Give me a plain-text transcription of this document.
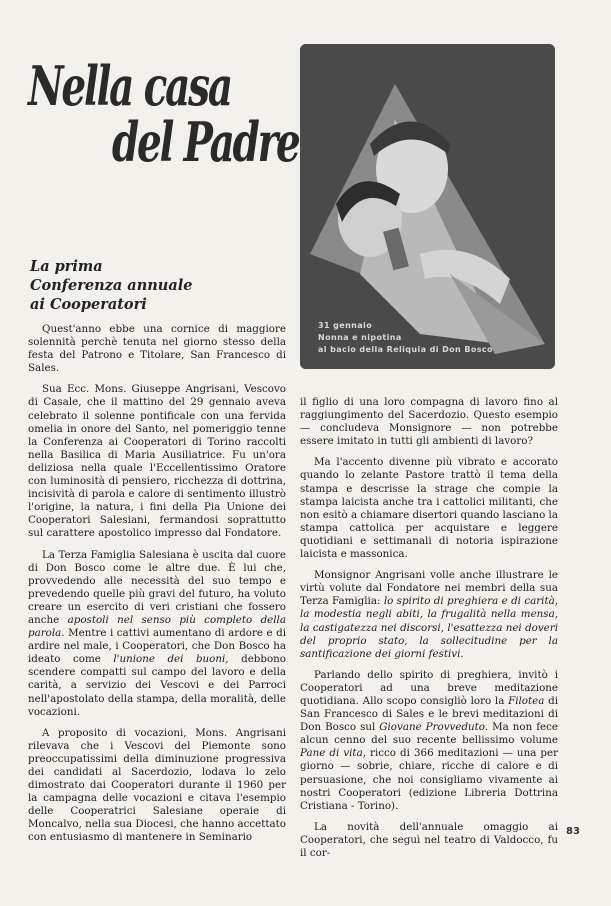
Nella casa
del Padre
31 gennaio
Nonna e nipotina
al bacio della Reliquia di Don Bosco
La prima
Conferenza annuale
ai Cooperatori

Quest'anno ebbe una cornice di maggiore solennità perchè tenuta nel giorno stesso della festa del Patrono e Titolare, San Francesco di Sales.

Sua Ecc. Mons. Giuseppe Angrisani, Vescovo di Casale, che il mattino del 29 gennaio aveva celebrato il solenne pontificale con una fervida omelia in onore del Santo, nel pomeriggio tenne la Conferenza ai Cooperatori di Torino raccolti nella Basilica di Maria Ausiliatrice. Fu un'ora deliziosa nella quale l'Eccellentissimo Oratore con luminosità di pensiero, ricchezza di dottrina, incisività di parola e calore di sentimento illustrò l'origine, la natura, i fini della Pia Unione dei Cooperatori Salesiani, fermandosi soprattutto sul carattere apostolico impresso dal Fondatore.

La Terza Famiglia Salesiana è uscita dal cuore di Don Bosco come le altre due. È lui che, provvedendo alle necessità del suo tempo e prevedendo quelle più gravi del futuro, ha voluto creare un esercito di veri cristiani che fossero anche apostoli nel senso più completo della parola. Mentre i cattivi aumentano di ardore e di ardire nel male, i Cooperatori, che Don Bosco ha ideato come l'unione dei buoni, debbono scendere compatti sul campo del lavoro e della carità, a servizio dei Vescovi e dei Parroci nell'apostolato della stampa, della moralità, delle vocazioni.

A proposito di vocazioni, Mons. Angrisani rilevava che i Vescovi del Piemonte sono preoccupatissimi della diminuzione progressiva dei candidati al Sacerdozio, lodava lo zelo dimostrato dai Cooperatori durante il 1960 per la campagna delle vocazioni e citava l'esempio delle Cooperatrici Salesiane operaie di Moncalvo, nella sua Diocesi, che hanno accettato con entusiasmo di mantenere in Seminario

il figlio di una loro compagna di lavoro fino al raggiungimento del Sacerdozio. Questo esempio — concludeva Monsignore — non potrebbe essere imitato in tutti gli ambienti di lavoro?

Ma l'accento divenne più vibrato e accorato quando lo zelante Pastore trattò il tema della stampa e descrisse la strage che compie la stampa laicista anche tra i cattolici militanti, che non esitò a chiamare disertori quando lasciano la stampa cattolica per acquistare e leggere quotidiani e settimanali di notoria ispirazione laicista e massonica.

Monsignor Angrisani volle anche illustrare le virtù volute dal Fondatore nei membri della sua Terza Famiglia: lo spirito di preghiera e di carità, la modestia negli abiti, la frugalità nella mensa, la castigatezza nei discorsi, l'esattezza nei doveri del proprio stato, la sollecitudine per la santificazione dei giorni festivi.

Parlando dello spirito di preghiera, invitò i Cooperatori ad una breve meditazione quotidiana. Allo scopo consigliò loro la Filotea di San Francesco di Sales e le brevi meditazioni di Don Bosco sul Giovane Provveduto. Ma non fece alcun cenno del suo recente bellissimo volume Pane di vita, ricco di 366 meditazioni — una per giorno — sobrie, chiare, ricche di calore e di persuasione, che noi consigliamo vivamente ai nostri Cooperatori (edizione Libreria Dottrina Cristiana - Torino).

La novità dell'annuale omaggio ai Cooperatori, che seguì nel teatro di Valdocco, fu il cor-

83
